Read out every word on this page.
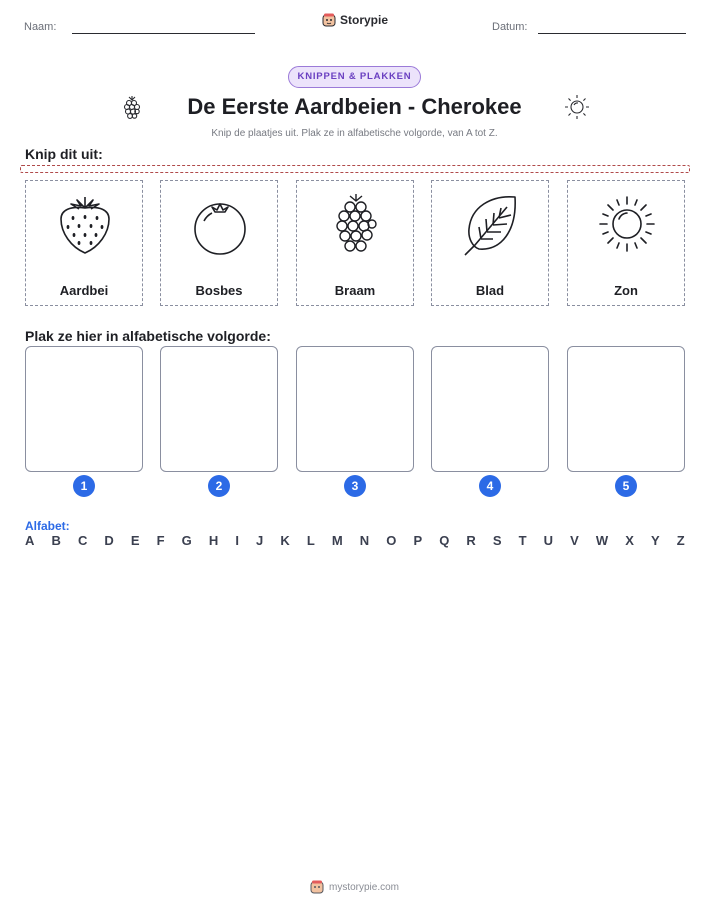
Naam:	Storypie	Datum:
KNIPPEN & PLAKKEN
De Eerste Aardbeien - Cherokee
Knip de plaatjes uit. Plak ze in alfabetische volgorde, van A tot Z.
Knip dit uit:
Aardbei	Bosbes	Braam	Blad	Zon
Plak ze hier in alfabetische volgorde:
1	2	3	4	5
Alfabet:
A B C D E F G H I J K L M N O P Q R S T U V W X Y Z
mystorypie.com
